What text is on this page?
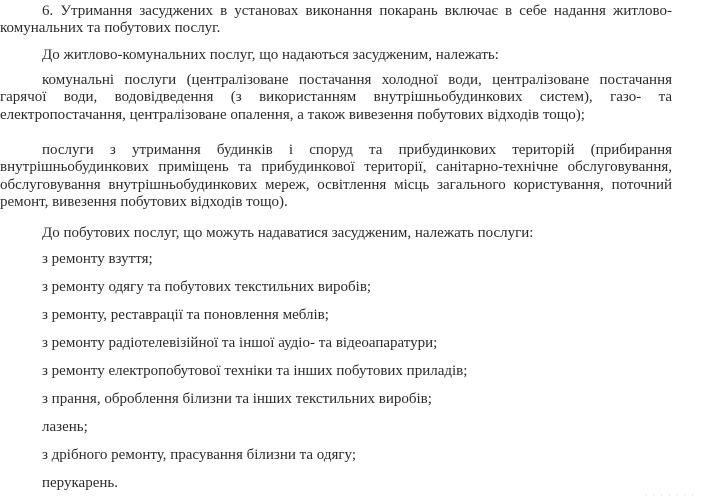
6. Утримання засуджених в установах виконання покарань включає в себе надання житлово-комунальних та побутових послуг.

До житлово-комунальних послуг, що надаються засудженим, належать:

комунальні послуги (централізоване постачання холодної води, централізоване постачання гарячої води, водовідведення (з використанням внутрішньобудинкових систем), газо- та електропостачання, централізоване опалення, а також вивезення побутових відходів тощо);

послуги з утримання будинків і споруд та прибудинкових територій (прибирання внутрішньобудинкових приміщень та прибудинкової території, санітарно-технічне обслуговування, обслуговування внутрішньобудинкових мереж, освітлення місць загального користування, поточний ремонт, вивезення побутових відходів тощо).

До побутових послуг, що можуть надаватися засудженим, належать послуги:

з ремонту взуття;

з ремонту одягу та побутових текстильних виробів;

з ремонту, реставрації та поновлення меблів;

з ремонту радіотелевізійної та іншої аудіо- та відеоапаратури;

з ремонту електропобутової техніки та інших побутових приладів;

з прання, оброблення білизни та інших текстильних виробів;

лазень;

з дрібного ремонту, прасування білизни та одягу;

перукарень.

· · · · · · ·
